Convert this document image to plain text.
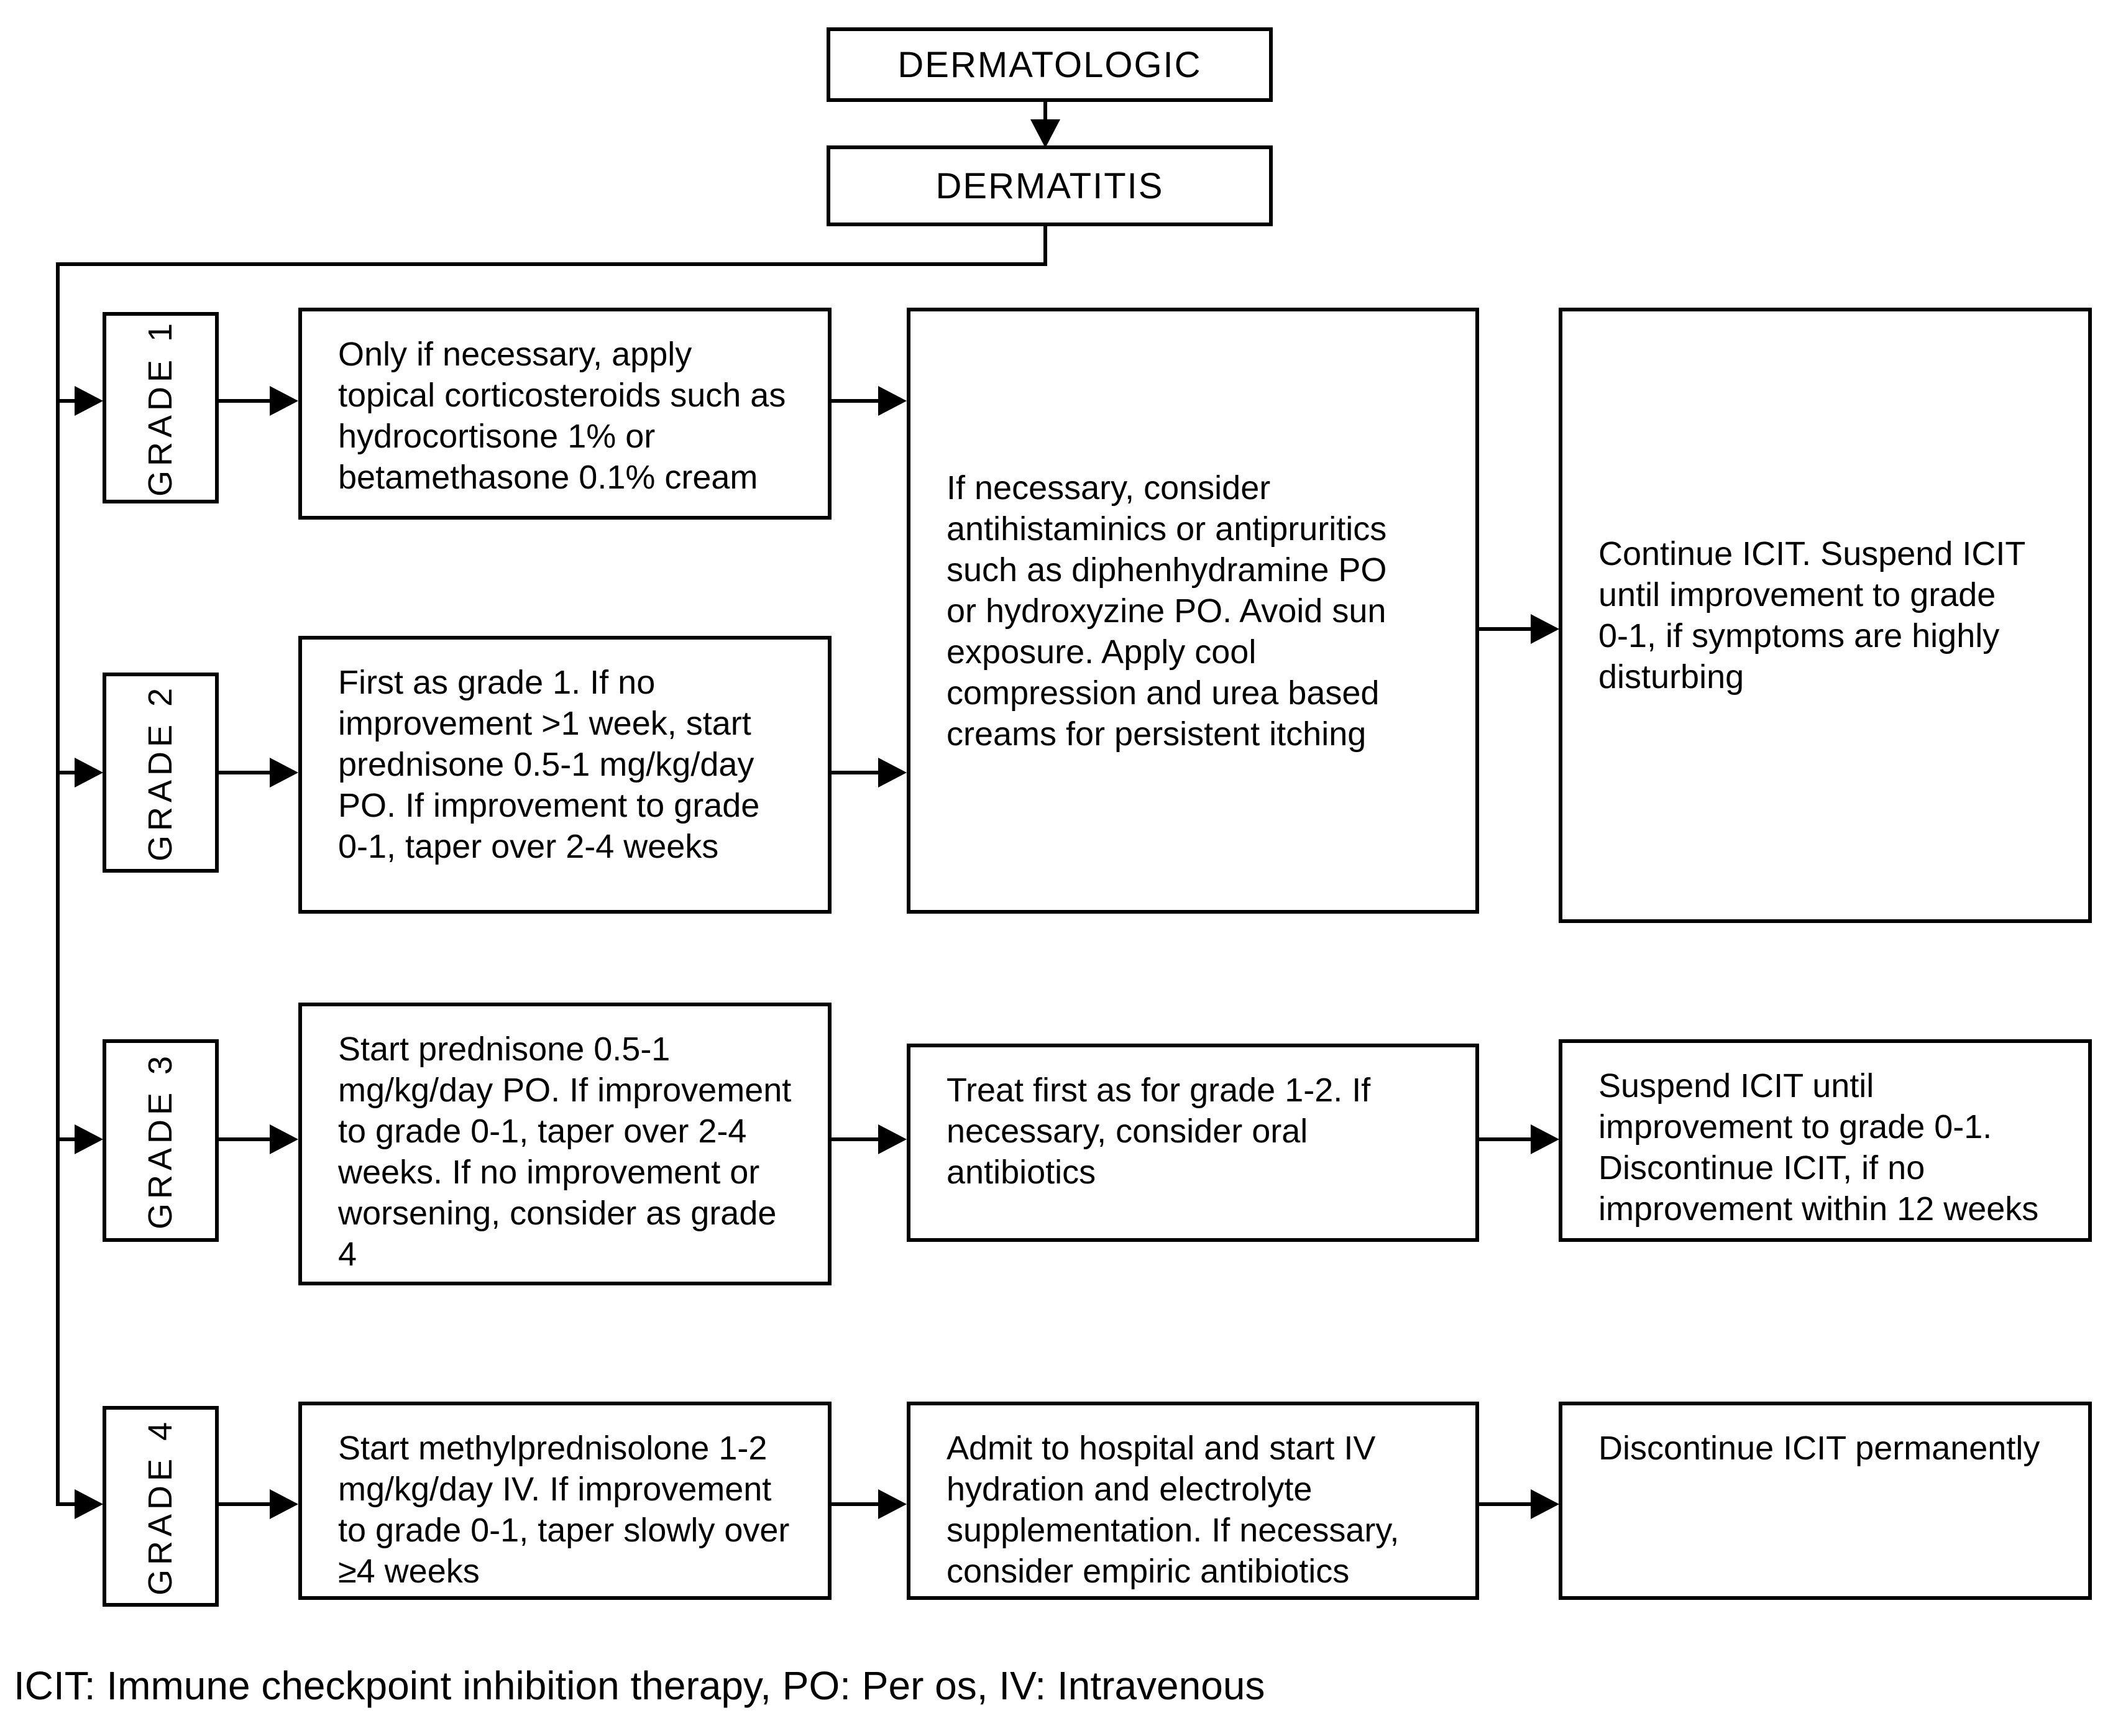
DERMATOLOGIC
DERMATITIS
GRADE 1
GRADE 2
GRADE 3
GRADE 4
Only if necessary, apply topical corticosteroids such as hydrocortisone 1% or betamethasone 0.1% cream
First as grade 1. If no improvement >1 week, start prednisone 0.5-1 mg/kg/day PO. If improvement to grade 0-1, taper over 2-4 weeks
Start prednisone 0.5-1 mg/kg/day PO. If improvement to grade 0-1, taper over 2-4 weeks. If no improvement or worsening, consider as grade 4
Start methylprednisolone 1-2 mg/kg/day IV. If improvement to grade 0-1, taper slowly over ≥4 weeks
If necessary, consider antihistaminics or antipruritics such as diphenhydramine PO or hydroxyzine PO. Avoid sun exposure. Apply cool compression and urea based creams for persistent itching
Treat first as for grade 1-2. If necessary, consider oral antibiotics
Admit to hospital and start IV hydration and electrolyte supplementation. If necessary, consider empiric antibiotics
Continue ICIT. Suspend ICIT until improvement to grade 0-1, if symptoms are highly disturbing
Suspend ICIT until improvement to grade 0-1. Discontinue ICIT, if no improvement within 12 weeks
Discontinue ICIT permanently
ICIT: Immune checkpoint inhibition therapy, PO: Per os, IV: Intravenous
